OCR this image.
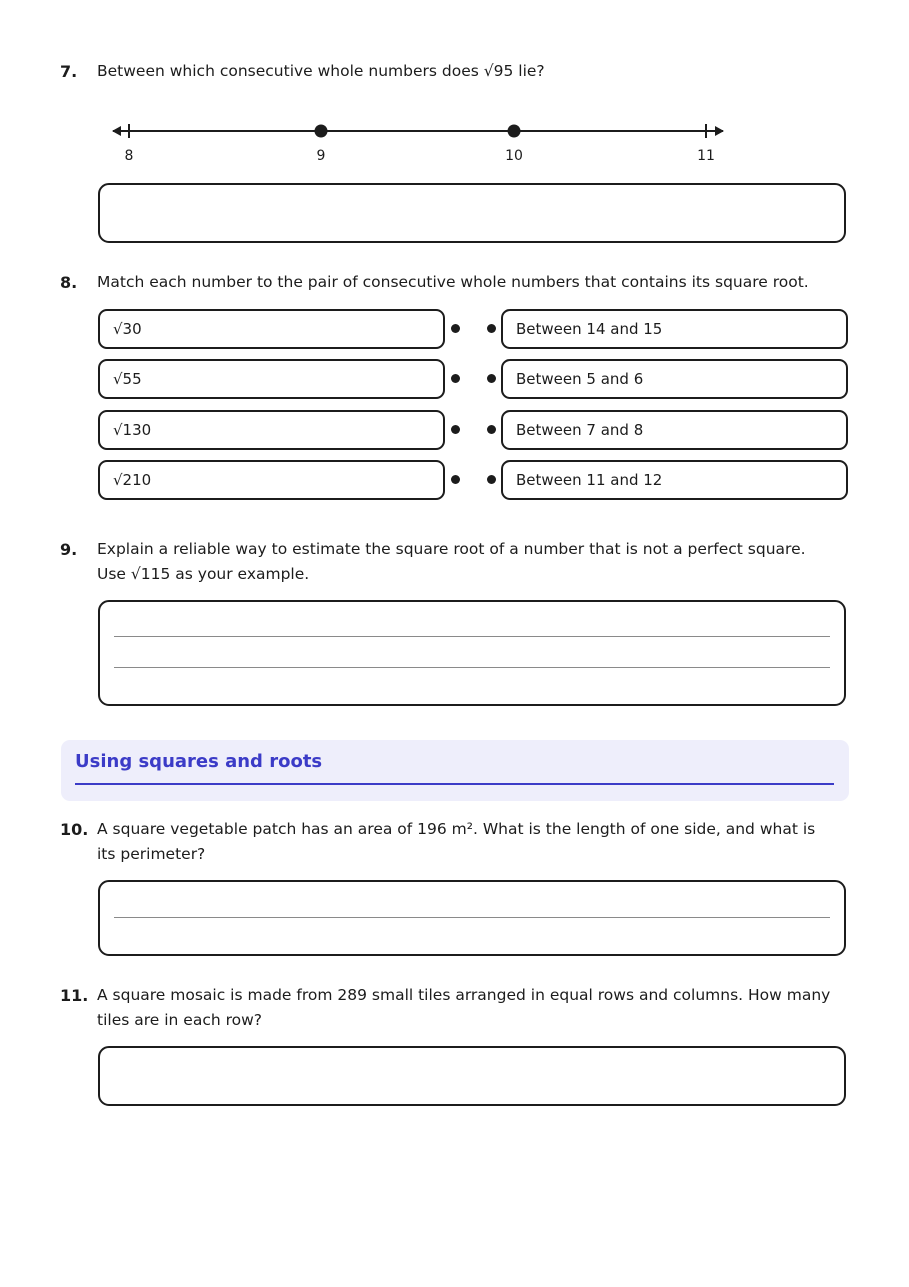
7. Between which consecutive whole numbers does √95 lie?
8	9	10	11
8. Match each number to the pair of consecutive whole numbers that contains its square root.
√30
√55
√130
√210
Between 14 and 15
Between 5 and 6
Between 7 and 8
Between 11 and 12
9. Explain a reliable way to estimate the square root of a number that is not a perfect square. Use √115 as your example.
Using squares and roots
10. A square vegetable patch has an area of 196 m². What is the length of one side, and what is its perimeter?
11. A square mosaic is made from 289 small tiles arranged in equal rows and columns. How many tiles are in each row?
